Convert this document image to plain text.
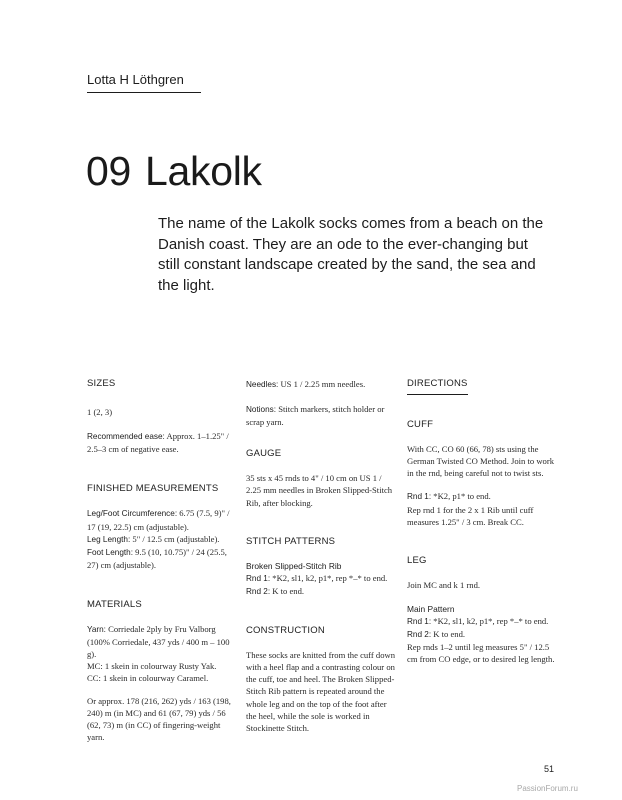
Lotta H Löthgren
09 Lakolk
The name of the Lakolk socks comes from a beach on the Danish coast. They are an ode to the ever-changing but still constant landscape created by the sand, the sea and the light.
SIZES

1 (2, 3)

Recommended ease: Approx. 1–1.25" / 2.5–3 cm of negative ease.

FINISHED MEASUREMENTS

Leg/Foot Circumference: 6.75 (7.5, 9)" / 17 (19, 22.5) cm (adjustable).

Leg Length: 5" / 12.5 cm (adjustable).

Foot Length: 9.5 (10, 10.75)" / 24 (25.5, 27) cm (adjustable).

MATERIALS

Yarn: Corriedale 2ply by Fru Valborg (100% Corriedale, 437 yds / 400 m – 100 g).

MC: 1 skein in colourway Rusty Yak.

CC: 1 skein in colourway Caramel.

Or approx. 178 (216, 262) yds / 163 (198, 240) m (in MC) and 61 (67, 79) yds / 56 (62, 73) m (in CC) of fingering-weight yarn.

Needles: US 1 / 2.25 mm needles.

Notions: Stitch markers, stitch holder or scrap yarn.

GAUGE

35 sts x 45 rnds to 4" / 10 cm on US 1 / 2.25 mm needles in Broken Slipped-Stitch Rib, after blocking.

STITCH PATTERNS

Broken Slipped-Stitch Rib

Rnd 1: *K2, sl1, k2, p1*, rep *–* to end.

Rnd 2: K to end.

CONSTRUCTION

These socks are knitted from the cuff down with a heel flap and a contrasting colour on the cuff, toe and heel. The Broken Slipped-Stitch Rib pattern is repeated around the whole leg and on the top of the foot after the heel, while the sole is worked in Stockinette Stitch.

DIRECTIONS
CUFF

With CC, CO 60 (66, 78) sts using the German Twisted CO Method. Join to work in the rnd, being careful not to twist sts.

Rnd 1: *K2, p1* to end.

Rep rnd 1 for the 2 x 1 Rib until cuff measures 1.25" / 3 cm. Break CC.

LEG

Join MC and k 1 rnd.

Main Pattern

Rnd 1: *K2, sl1, k2, p1*, rep *–* to end.

Rnd 2: K to end.

Rep rnds 1–2 until leg measures 5" / 12.5 cm from CO edge, or to desired leg length.

51
PassionForum.ru
